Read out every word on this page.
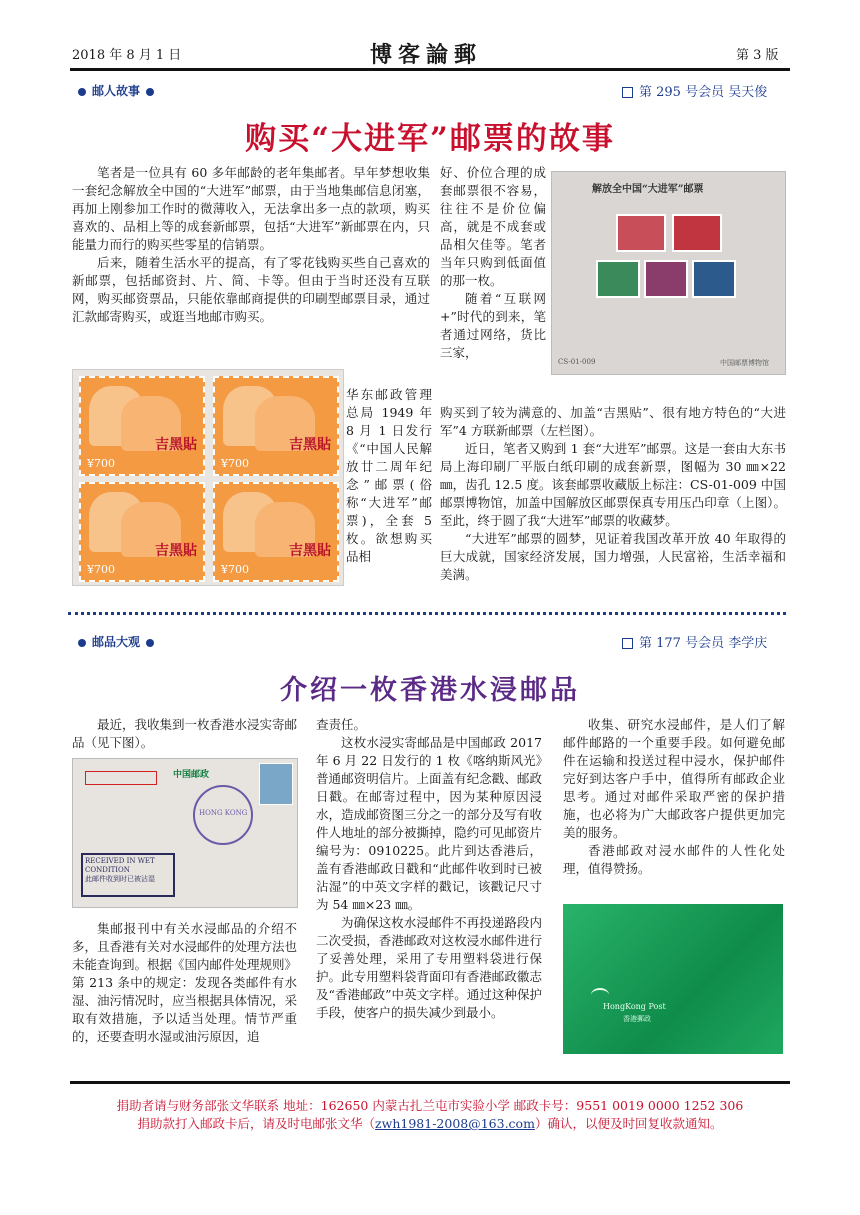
2018 年 8 月 1 日	博客論郵	第 3 版
邮人故事	第 295 号会员 吴天俊
购买“大进军”邮票的故事

笔者是一位具有 60 多年邮龄的老年集邮者。早年梦想收集一套纪念解放全中国的“大进军”邮票，由于当地集邮信息闭塞，再加上刚参加工作时的微薄收入，无法拿出多一点的款项，购买喜欢的、品相上等的成套新邮票，包括“大进军”新邮票在内，只能量力而行的购买些零星的信销票。

后来，随着生活水平的提高，有了零花钱购买些自己喜欢的新邮票，包括邮资封、片、简、卡等。但由于当时还没有互联网，购买邮资票品，只能依靠邮商提供的印刷型邮票目录，通过汇款邮寄购买，或逛当地邮市购买。

吉黑貼
¥700
吉黑貼
¥700
吉黑貼
¥700
吉黑貼
¥700

华东邮政管理总局 1949 年 8 月 1 日发行《“中国人民解放廿二周年纪念”邮票(俗称“大进军”邮票)，全套 5 枚。欲想购买品相

好、价位合理的成套邮票很不容易，往往不是价位偏高，就是不成套或品相欠佳等。笔者当年只购到低面值的那一枚。

随着“互联网+”时代的到来，笔者通过网络，货比三家，

解放全中国“大进军”邮票
CS-01-009	中国邮票博物馆

购买到了较为满意的、加盖“吉黑贴”、很有地方特色的“大进军”4 方联新邮票（左栏图）。

近日，笔者又购到 1 套“大进军”邮票。这是一套由大东书局上海印刷厂平版白纸印刷的成套新票，图幅为 30 ㎜×22 ㎜，齿孔 12.5 度。该套邮票收藏版上标注：CS-01-009 中国邮票博物馆，加盖中国解放区邮票保真专用压凸印章（上图）。至此，终于圆了我“大进军”邮票的收藏梦。

“大进军”邮票的圆梦，见证着我国改革开放 40 年取得的巨大成就，国家经济发展，国力增强，人民富裕，生活幸福和美满。

邮品大观	第 177 号会员 李学庆
介绍一枚香港水浸邮品

最近，我收集到一枚香港水浸实寄邮品（见下图）。

中国邮政
HONG KONG
RECEIVED IN WET CONDITION
此邮件收到时已被沾湿

集邮报刊中有关水浸邮品的介绍不多，且香港有关对水浸邮件的处理方法也未能查询到。根据《国内邮件处理规则》第 213 条中的规定：发现各类邮件有水湿、油污情况时，应当根据具体情况，采取有效措施，予以适当处理。情节严重的，还要查明水湿或油污原因，追

查责任。

这枚水浸实寄邮品是中国邮政 2017 年 6 月 22 日发行的 1 枚《喀纳斯风光》普通邮资明信片。上面盖有纪念戳、邮政日戳。在邮寄过程中，因为某种原因浸水，造成邮资图三分之一的部分及写有收件人地址的部分被撕掉，隐约可见邮资片编号为：0910225。此片到达香港后，盖有香港邮政日戳和“此邮件收到时已被沾湿”的中英文字样的戳记，该戳记尺寸为 54 ㎜×23 ㎜。

为确保这枚水浸邮件不再投递路段内二次受损，香港邮政对这枚浸水邮件进行了妥善处理，采用了专用塑料袋进行保护。此专用塑料袋背面印有香港邮政徽志及“香港邮政”中英文字样。通过这种保护手段，使客户的损失减少到最小。

收集、研究水浸邮件，是人们了解邮件邮路的一个重要手段。如何避免邮件在运输和投送过程中浸水，保护邮件完好到达客户手中，值得所有邮政企业思考。通过对邮件采取严密的保护措施，也必将为广大邮政客户提供更加完美的服务。

香港邮政对浸水邮件的人性化处理，值得赞扬。

HongKong Post
香港郵政
捐助者请与财务部张文华联系 地址：162650 内蒙古扎兰屯市实验小学 邮政卡号：9551 0019 0000 1252 306
捐助款打入邮政卡后，请及时电邮张文华（zwh1981-2008@163.com）确认，以便及时回复收款通知。
